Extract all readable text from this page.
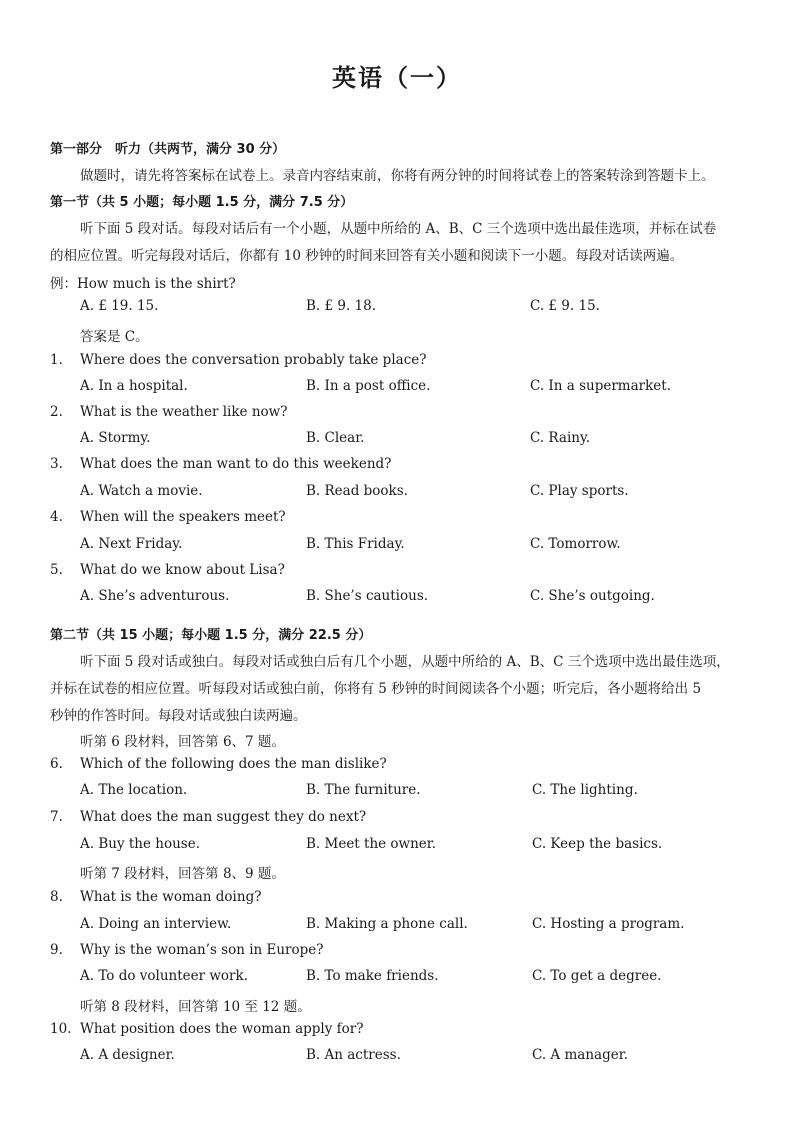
英语（一）
第一部分　听力（共两节，满分 30 分）
做题时，请先将答案标在试卷上。录音内容结束前，你将有两分钟的时间将试卷上的答案转涂到答题卡上。
第一节（共 5 小题；每小题 1.5 分，满分 7.5 分）
听下面 5 段对话。每段对话后有一个小题，从题中所给的 A、B、C 三个选项中选出最佳选项，并标在试卷
的相应位置。听完每段对话后，你都有 10 秒钟的时间来回答有关小题和阅读下一小题。每段对话读两遍。
例：How much is the shirt?
A. £ 19. 15.	B. £ 9. 18.	C. £ 9. 15.
答案是 C。
1. Where does the conversation probably take place?
A. In a hospital.	B. In a post office.	C. In a supermarket.
2. What is the weather like now?
A. Stormy.	B. Clear.	C. Rainy.
3. What does the man want to do this weekend?
A. Watch a movie.	B. Read books.	C. Play sports.
4. When will the speakers meet?
A. Next Friday.	B. This Friday.	C. Tomorrow.
5. What do we know about Lisa?
A. She’s adventurous.	B. She’s cautious.	C. She’s outgoing.
第二节（共 15 小题；每小题 1.5 分，满分 22.5 分）
听下面 5 段对话或独白。每段对话或独白后有几个小题，从题中所给的 A、B、C 三个选项中选出最佳选项，
并标在试卷的相应位置。听每段对话或独白前，你将有 5 秒钟的时间阅读各个小题；听完后，各小题将给出 5
秒钟的作答时间。每段对话或独白读两遍。
听第 6 段材料，回答第 6、7 题。
6. Which of the following does the man dislike?
A. The location.	B. The furniture.	C. The lighting.
7. What does the man suggest they do next?
A. Buy the house.	B. Meet the owner.	C. Keep the basics.
听第 7 段材料，回答第 8、9 题。
8. What is the woman doing?
A. Doing an interview.	B. Making a phone call.	C. Hosting a program.
9. Why is the woman’s son in Europe?
A. To do volunteer work.	B. To make friends.	C. To get a degree.
听第 8 段材料，回答第 10 至 12 题。
10. What position does the woman apply for?
A. A designer.	B. An actress.	C. A manager.
